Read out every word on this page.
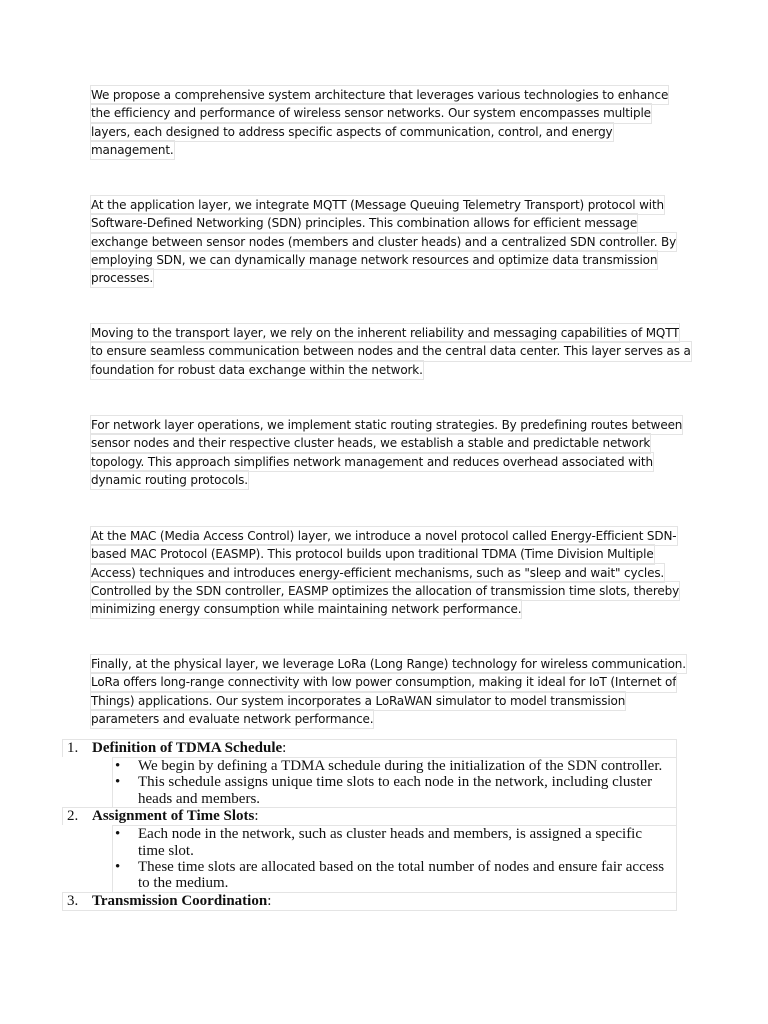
We propose a comprehensive system architecture that leverages various technologies to enhance
the efficiency and performance of wireless sensor networks. Our system encompasses multiple
layers, each designed to address specific aspects of communication, control, and energy
management.
At the application layer, we integrate MQTT (Message Queuing Telemetry Transport) protocol with
Software-Defined Networking (SDN) principles. This combination allows for efficient message
exchange between sensor nodes (members and cluster heads) and a centralized SDN controller. By
employing SDN, we can dynamically manage network resources and optimize data transmission
processes.
Moving to the transport layer, we rely on the inherent reliability and messaging capabilities of MQTT
to ensure seamless communication between nodes and the central data center. This layer serves as a
foundation for robust data exchange within the network.
For network layer operations, we implement static routing strategies. By predefining routes between
sensor nodes and their respective cluster heads, we establish a stable and predictable network
topology. This approach simplifies network management and reduces overhead associated with
dynamic routing protocols.
At the MAC (Media Access Control) layer, we introduce a novel protocol called Energy-Efficient SDN-
based MAC Protocol (EASMP). This protocol builds upon traditional TDMA (Time Division Multiple
Access) techniques and introduces energy-efficient mechanisms, such as "sleep and wait" cycles.
Controlled by the SDN controller, EASMP optimizes the allocation of transmission time slots, thereby
minimizing energy consumption while maintaining network performance.
Finally, at the physical layer, we leverage LoRa (Long Range) technology for wireless communication.
LoRa offers long-range connectivity with low power consumption, making it ideal for IoT (Internet of
Things) applications. Our system incorporates a LoRaWAN simulator to model transmission
parameters and evaluate network performance.
1. Definition of TDMA Schedule:
• We begin by defining a TDMA schedule during the initialization of the SDN controller.
• This schedule assigns unique time slots to each node in the network, including cluster heads and members.
2. Assignment of Time Slots:
• Each node in the network, such as cluster heads and members, is assigned a specific time slot.
• These time slots are allocated based on the total number of nodes and ensure fair access to the medium.
3. Transmission Coordination:
